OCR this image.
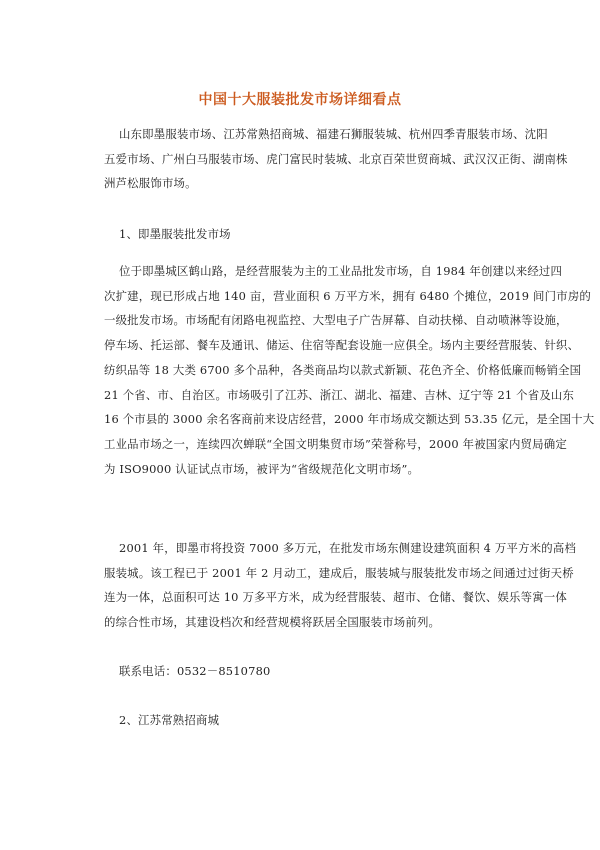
中国十大服装批发市场详细看点
山东即墨服装市场、江苏常熟招商城、福建石狮服装城、杭州四季青服装市场、沈阳
五爱市场、广州白马服装市场、虎门富民时装城、北京百荣世贸商城、武汉汉正街、湖南株
洲芦松服饰市场。
1、即墨服装批发市场
位于即墨城区鹤山路，是经营服装为主的工业品批发市场，自 1984 年创建以来经过四
次扩建，现已形成占地 140 亩，营业面积 6 万平方米，拥有 6480 个摊位，2019 间门市房的
一级批发市场。市场配有闭路电视监控、大型电子广告屏幕、自动扶梯、自动喷淋等设施，
停车场、托运部、餐车及通讯、储运、住宿等配套设施一应俱全。场内主要经营服装、针织、
纺织品等 18 大类 6700 多个品种，各类商品均以款式新颖、花色齐全、价格低廉而畅销全国
21 个省、市、自治区。市场吸引了江苏、浙江、湖北、福建、吉林、辽宁等 21 个省及山东
16 个市县的 3000 余名客商前来设店经营，2000 年市场成交额达到 53.35 亿元，是全国十大
工业品市场之一，连续四次蝉联“全国文明集贸市场”荣誉称号，2000 年被国家内贸局确定
为 ISO9000 认证试点市场，被评为“省级规范化文明市场”。
2001 年，即墨市将投资 7000 多万元，在批发市场东侧建设建筑面积 4 万平方米的高档
服装城。该工程已于 2001 年 2 月动工，建成后，服装城与服装批发市场之间通过过街天桥
连为一体，总面积可达 10 万多平方米，成为经营服装、超市、仓储、餐饮、娱乐等寓一体
的综合性市场，其建设档次和经营规模将跃居全国服装市场前列。
联系电话：0532－8510780
2、江苏常熟招商城
